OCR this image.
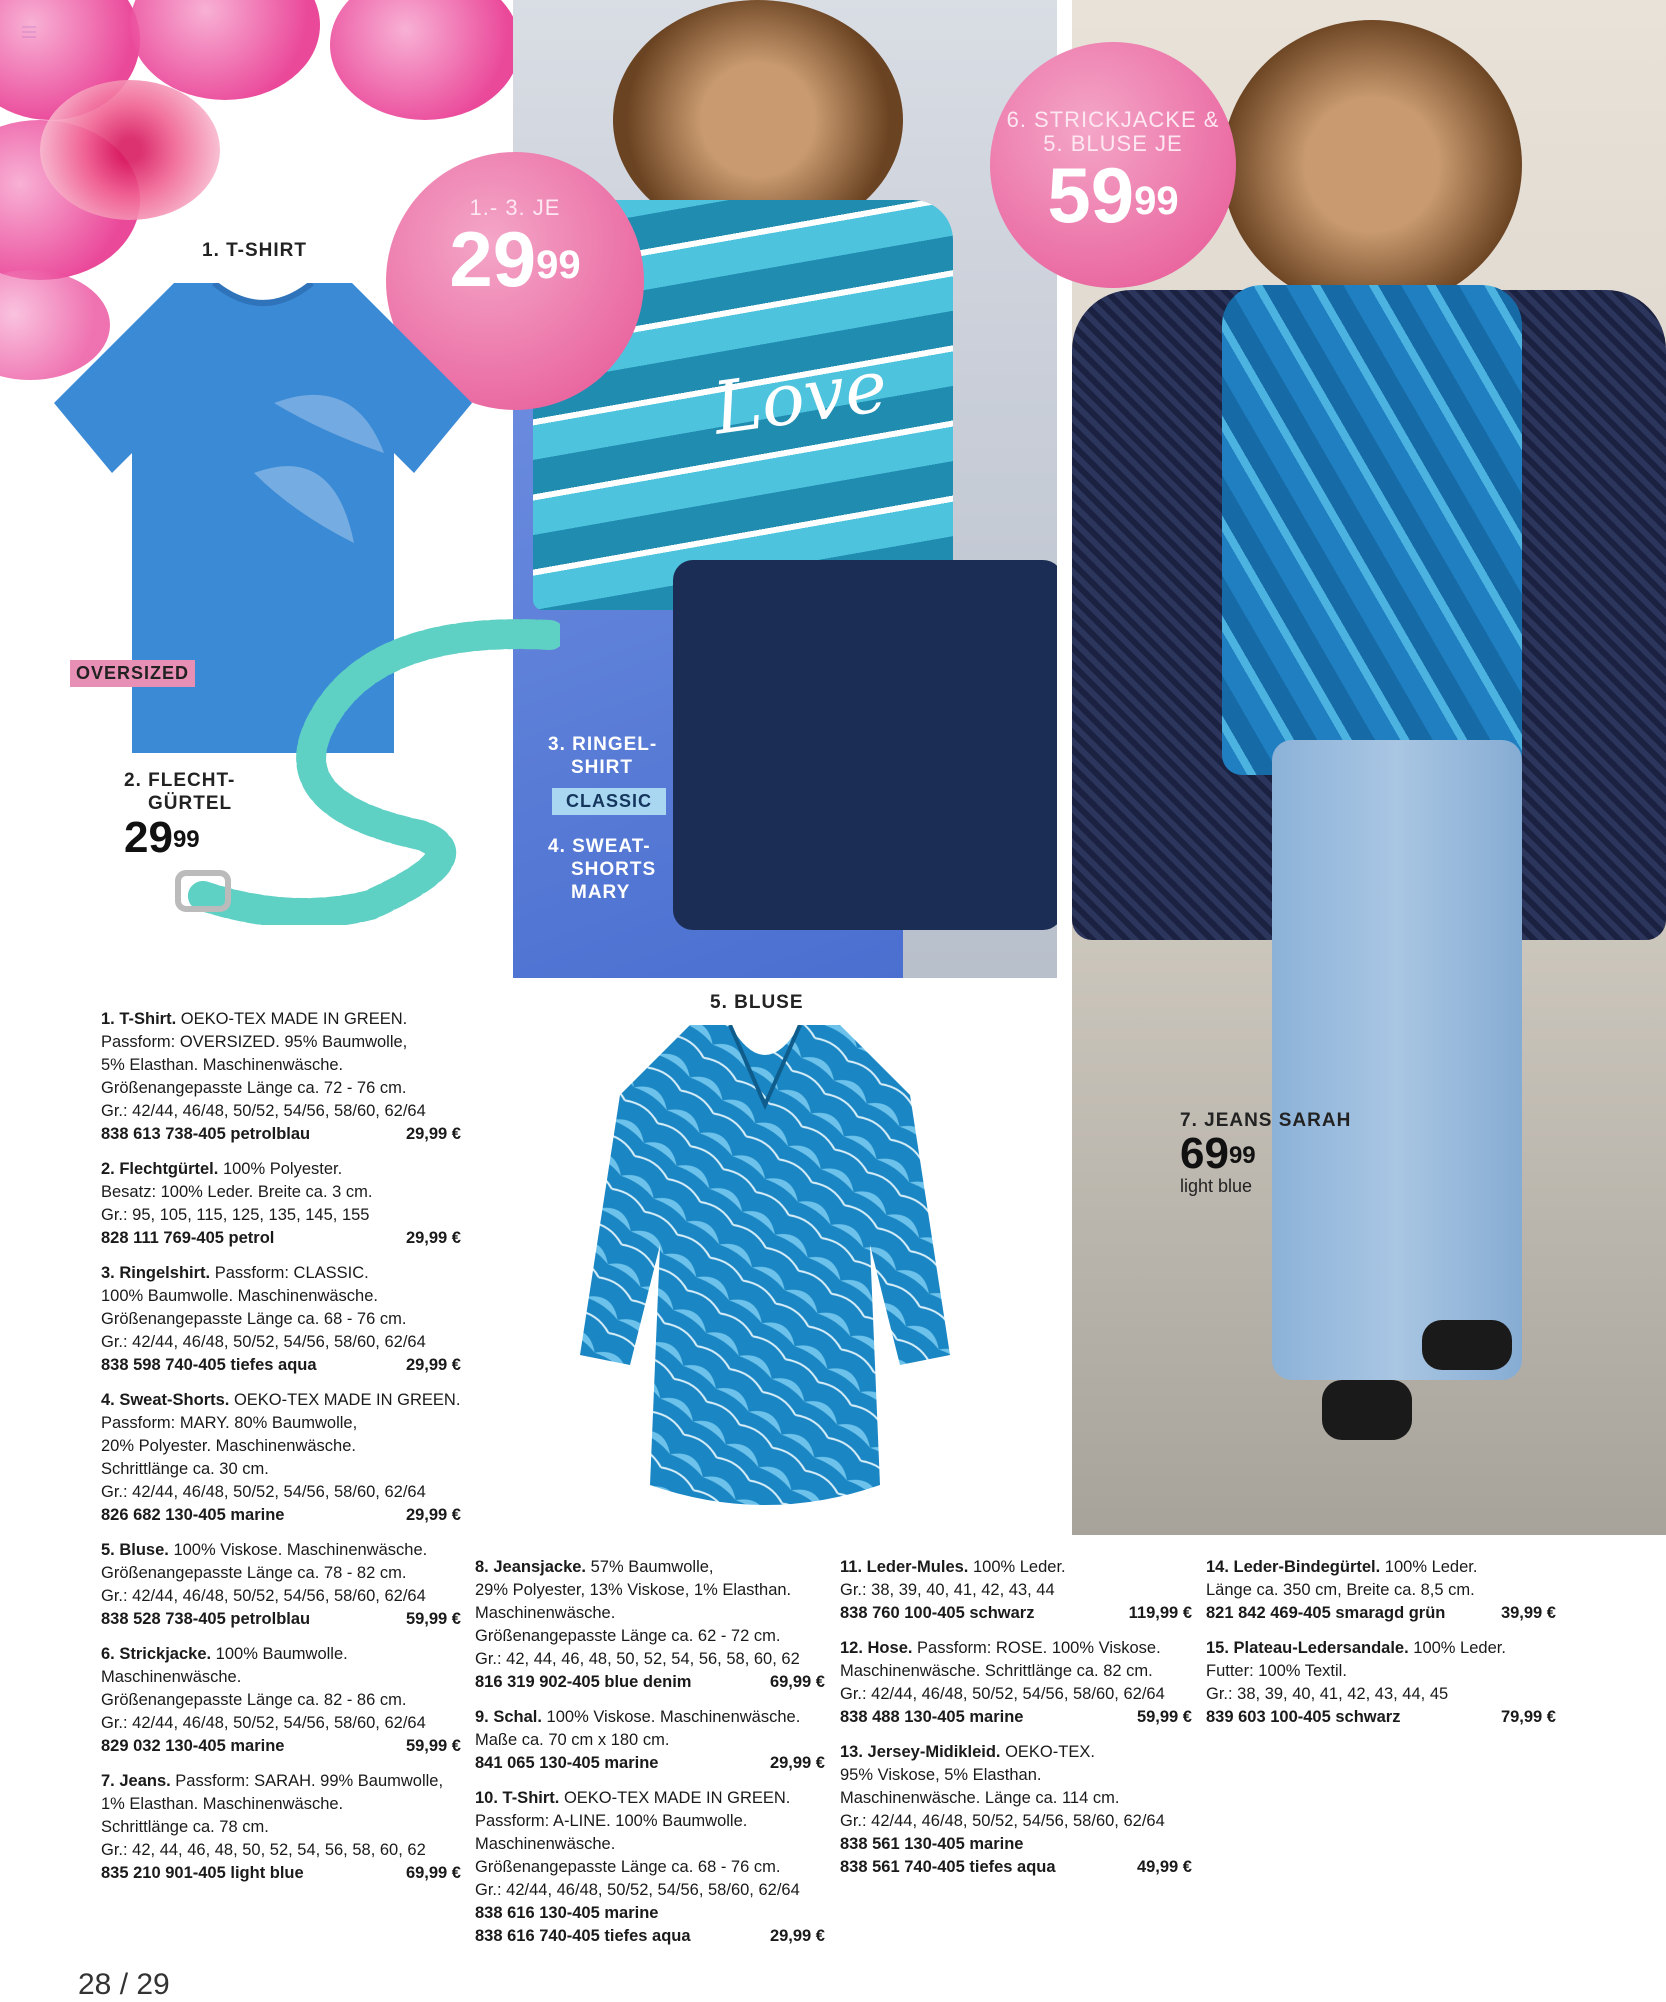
Love
1.- 3. JE
$29^{99}$
6. STRICKJACKE &
5. BLUSE JE
$59^{99}$
OVERSIZED
1. T-SHIRT
2. FLECHT-
GÜRTEL
$29^{99}$
3. RINGEL-
SHIRT
CLASSIC
4. SWEAT-
SHORTS
MARY
5. BLUSE
7. JEANS SARAH
$69^{99}$
light blue
1. T-Shirt. OEKO-TEX MADE IN GREEN.
Passform: OVERSIZED. 95% Baumwolle,
5% Elasthan. Maschinenwäsche.
Größenangepasste Länge ca. 72 - 76 cm.
Gr.: 42/44, 46/48, 50/52, 54/56, 58/60, 62/64
838 613 738-405 petrolblau	29,99 €
2. Flechtgürtel. 100% Polyester.
Besatz: 100% Leder. Breite ca. 3 cm.
Gr.: 95, 105, 115, 125, 135, 145, 155
828 111 769-405 petrol	29,99 €
3. Ringelshirt. Passform: CLASSIC.
100% Baumwolle. Maschinenwäsche.
Größenangepasste Länge ca. 68 - 76 cm.
Gr.: 42/44, 46/48, 50/52, 54/56, 58/60, 62/64
838 598 740-405 tiefes aqua	29,99 €
4. Sweat-Shorts. OEKO-TEX MADE IN GREEN.
Passform: MARY. 80% Baumwolle,
20% Polyester. Maschinenwäsche.
Schrittlänge ca. 30 cm.
Gr.: 42/44, 46/48, 50/52, 54/56, 58/60, 62/64
826 682 130-405 marine	29,99 €
5. Bluse. 100% Viskose. Maschinenwäsche.
Größenangepasste Länge ca. 78 - 82 cm.
Gr.: 42/44, 46/48, 50/52, 54/56, 58/60, 62/64
838 528 738-405 petrolblau	59,99 €
6. Strickjacke. 100% Baumwolle.
Maschinenwäsche.
Größenangepasste Länge ca. 82 - 86 cm.
Gr.: 42/44, 46/48, 50/52, 54/56, 58/60, 62/64
829 032 130-405 marine	59,99 €
7. Jeans. Passform: SARAH. 99% Baumwolle,
1% Elasthan. Maschinenwäsche.
Schrittlänge ca. 78 cm.
Gr.: 42, 44, 46, 48, 50, 52, 54, 56, 58, 60, 62
835 210 901-405 light blue	69,99 €
8. Jeansjacke. 57% Baumwolle,
29% Polyester, 13% Viskose, 1% Elasthan.
Maschinenwäsche.
Größenangepasste Länge ca. 62 - 72 cm.
Gr.: 42, 44, 46, 48, 50, 52, 54, 56, 58, 60, 62
816 319 902-405 blue denim	69,99 €
9. Schal. 100% Viskose. Maschinenwäsche.
Maße ca. 70 cm x 180 cm.
841 065 130-405 marine	29,99 €
10. T-Shirt. OEKO-TEX MADE IN GREEN.
Passform: A-LINE. 100% Baumwolle.
Maschinenwäsche.
Größenangepasste Länge ca. 68 - 76 cm.
Gr.: 42/44, 46/48, 50/52, 54/56, 58/60, 62/64
838 616 130-405 marine
838 616 740-405 tiefes aqua	29,99 €
11. Leder-Mules. 100% Leder.
Gr.: 38, 39, 40, 41, 42, 43, 44
838 760 100-405 schwarz	119,99 €
12. Hose. Passform: ROSE. 100% Viskose.
Maschinenwäsche. Schrittlänge ca. 82 cm.
Gr.: 42/44, 46/48, 50/52, 54/56, 58/60, 62/64
838 488 130-405 marine	59,99 €
13. Jersey-Midikleid. OEKO-TEX.
95% Viskose, 5% Elasthan.
Maschinenwäsche. Länge ca. 114 cm.
Gr.: 42/44, 46/48, 50/52, 54/56, 58/60, 62/64
838 561 130-405 marine
838 561 740-405 tiefes aqua	49,99 €
14. Leder-Bindegürtel. 100% Leder.
Länge ca. 350 cm, Breite ca. 8,5 cm.
821 842 469-405 smaragd grün	39,99 €
15. Plateau-Ledersandale. 100% Leder.
Futter: 100% Textil.
Gr.: 38, 39, 40, 41, 42, 43, 44, 45
839 603 100-405 schwarz	79,99 €
28 / 29
